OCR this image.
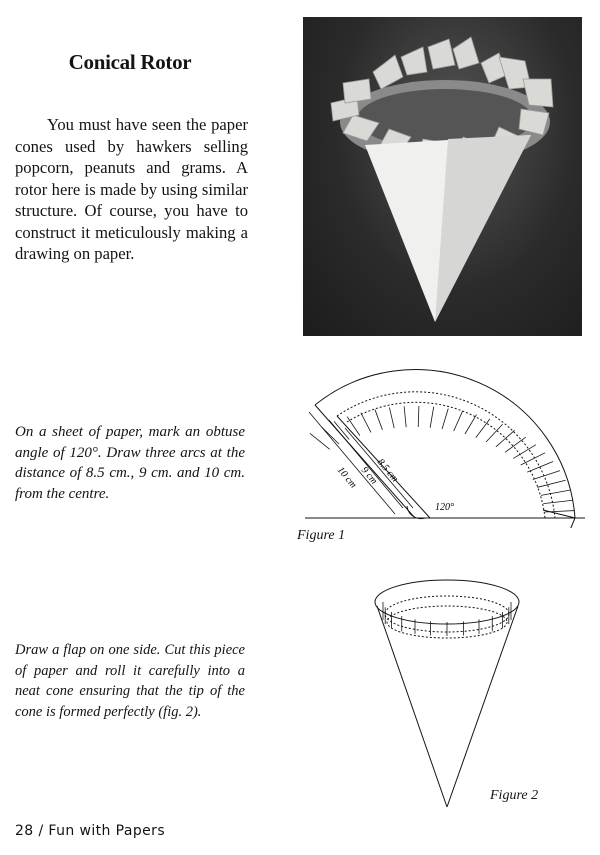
Conical Rotor

You must have seen the paper cones used by hawkers selling popcorn, peanuts and grams. A rotor here is made by using similar structure. Of course, you have to construct it meticulously making a drawing on paper.

On a sheet of paper, mark an obtuse angle of 120°. Draw three arcs at the distance of 8.5 cm., 9 cm. and 10 cm. from the centre.

10 cm 9 cm
8.5 cm
120°
Figure 1

Draw a flap on one side. Cut this piece of paper and roll it carefully into a neat cone ensuring that the tip of the cone is formed perfectly (fig. 2).

Figure 2
28 / Fun with Papers
